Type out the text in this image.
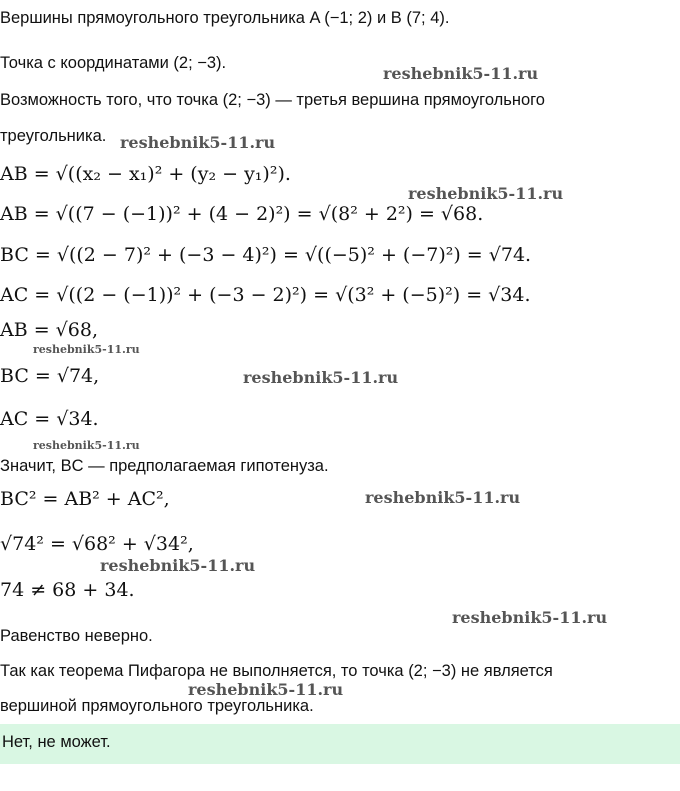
Вершины прямоугольного треугольника A (−1; 2) и B (7; 4).
Точка с координатами (2; −3).
Возможность того, что точка (2; −3) — третья вершина прямоугольного
треугольника.
AB = √((x₂ − x₁)² + (y₂ − y₁)²).
AB = √((7 − (−1))² + (4 − 2)²) = √(8² + 2²) = √68.
BC = √((2 − 7)² + (−3 − 4)²) = √((−5)² + (−7)²) = √74.
AC = √((2 − (−1))² + (−3 − 2)²) = √(3² + (−5)²) = √34.
AB = √68,
BC = √74,
AC = √34.
Значит, BC — предполагаемая гипотенуза.
BC² = AB² + AC²,
√74² = √68² + √34²,
74 ≠ 68 + 34.
Равенство неверно.
Так как теорема Пифагора не выполняется, то точка (2; −3) не является
вершиной прямоугольного треугольника.
Нет, не может.
reshebnik5-11.ru
reshebnik5-11.ru
reshebnik5-11.ru
reshebnik5-11.ru
reshebnik5-11.ru
reshebnik5-11.ru
reshebnik5-11.ru
reshebnik5-11.ru
reshebnik5-11.ru
reshebnik5-11.ru
